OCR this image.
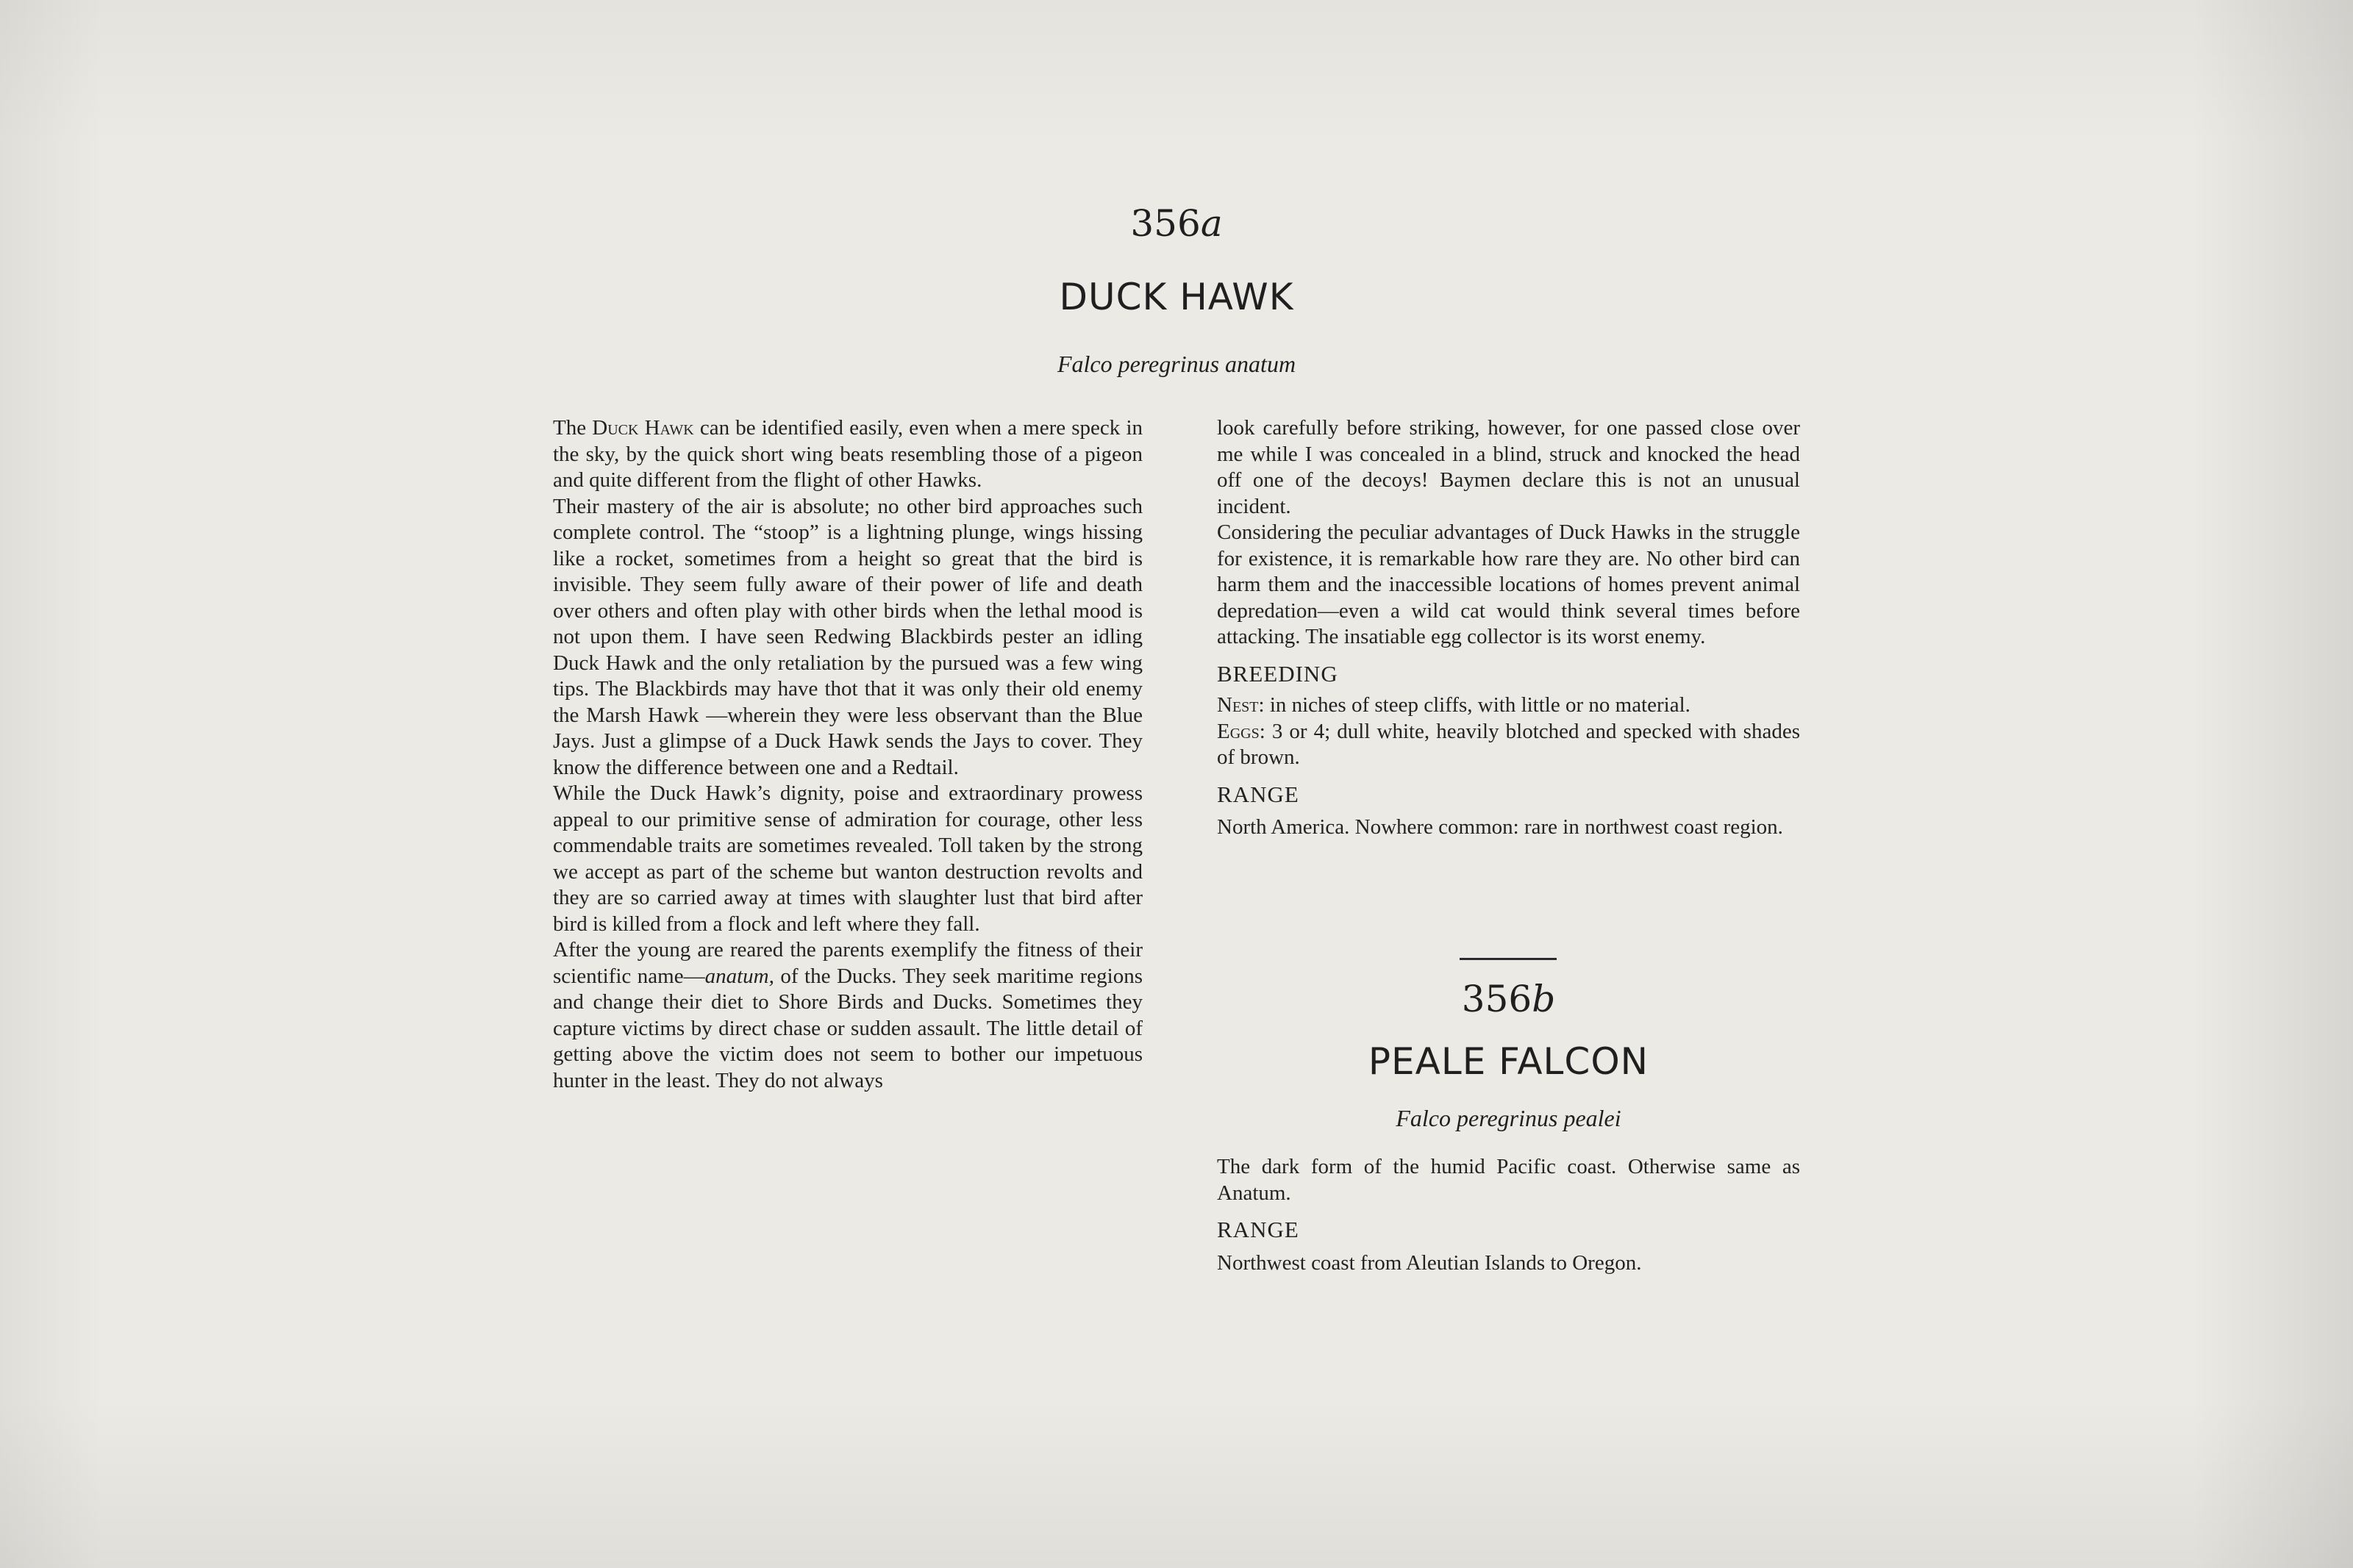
356a
DUCK HAWK
Falco peregrinus anatum

The Duck Hawk can be identified easily, even when a mere speck in the sky, by the quick short wing beats resembling those of a pigeon and quite different from the flight of other Hawks.

Their mastery of the air is absolute; no other bird approaches such complete control. The “stoop” is a lightning plunge, wings hissing like a rocket, sometimes from a height so great that the bird is invisible. They seem fully aware of their power of life and death over others and often play with other birds when the lethal mood is not upon them. I have seen Redwing Blackbirds pester an idling Duck Hawk and the only retaliation by the pursued was a few wing tips. The Blackbirds may have thot that it was only their old enemy the Marsh Hawk —wherein they were less observant than the Blue Jays. Just a glimpse of a Duck Hawk sends the Jays to cover. They know the difference between one and a Redtail.

While the Duck Hawk’s dignity, poise and extraordinary prowess appeal to our primitive sense of admiration for courage, other less commendable traits are sometimes revealed. Toll taken by the strong we accept as part of the scheme but wanton destruction revolts and they are so carried away at times with slaughter lust that bird after bird is killed from a flock and left where they fall.

After the young are reared the parents exemplify the fitness of their scientific name—anatum, of the Ducks. They seek maritime regions and change their diet to Shore Birds and Ducks. Sometimes they capture victims by direct chase or sudden assault. The little detail of getting above the victim does not seem to bother our impetuous hunter in the least. They do not always

look carefully before striking, however, for one passed close over me while I was concealed in a blind, struck and knocked the head off one of the decoys! Baymen declare this is not an unusual incident.

Considering the peculiar advantages of Duck Hawks in the struggle for existence, it is remarkable how rare they are. No other bird can harm them and the inaccessible locations of homes prevent animal depredation—even a wild cat would think several times before attacking. The insatiable egg collector is its worst enemy.

BREEDING

Nest: in niches of steep cliffs, with little or no material.

Eggs: 3 or 4; dull white, heavily blotched and specked with shades of brown.

RANGE

North America. Nowhere common: rare in northwest coast region.

356b
PEALE FALCON
Falco peregrinus pealei

The dark form of the humid Pacific coast. Otherwise same as Anatum.

RANGE

Northwest coast from Aleutian Islands to Oregon.
